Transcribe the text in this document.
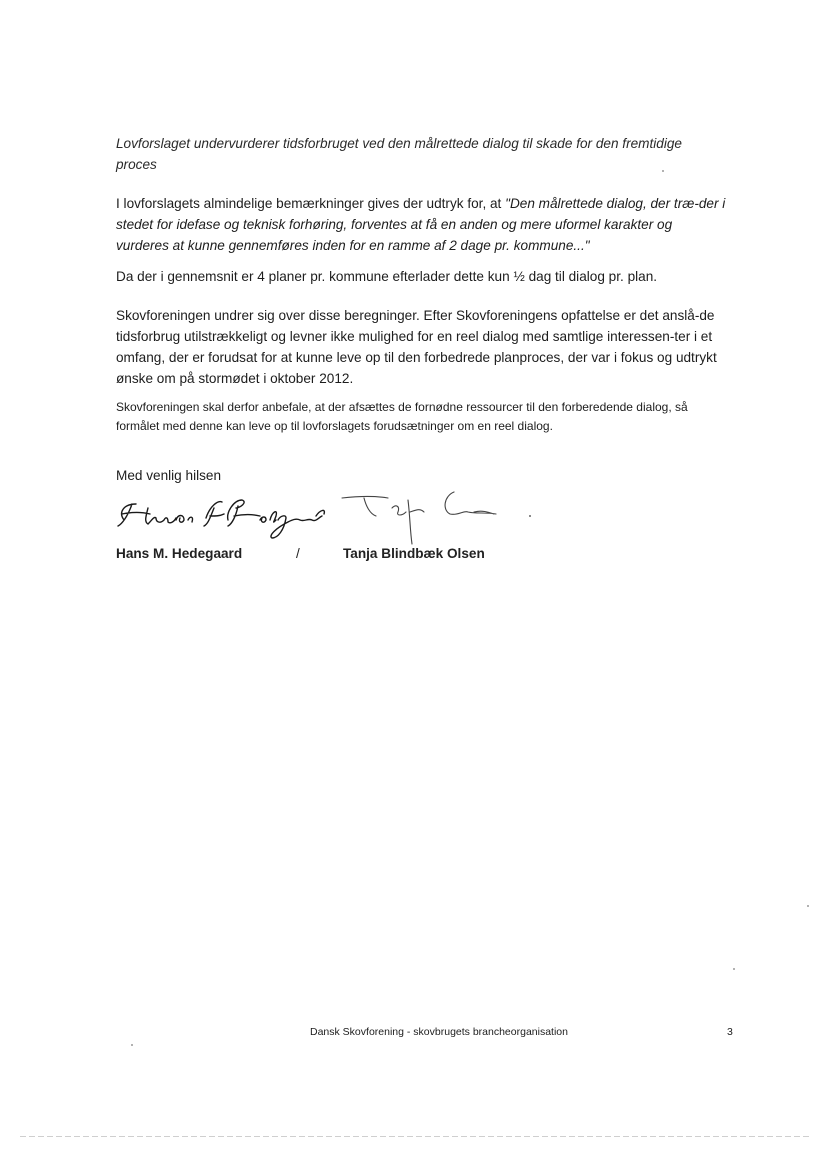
Lovforslaget undervurderer tidsforbruget ved den målrettede dialog til skade for den fremtidige proces
I lovforslagets almindelige bemærkninger gives der udtryk for, at "Den målrettede dialog, der træ-der i stedet for idefase og teknisk forhøring, forventes at få en anden og mere uformel karakter og vurderes at kunne gennemføres inden for en ramme af 2 dage pr. kommune..."
Da der i gennemsnit er 4 planer pr. kommune efterlader dette kun ½ dag til dialog pr. plan.
Skovforeningen undrer sig over disse beregninger. Efter Skovforeningens opfattelse er det anslå-de tidsforbrug utilstrækkeligt og levner ikke mulighed for en reel dialog med samtlige interessen-ter i et omfang, der er forudsat for at kunne leve op til den forbedrede planproces, der var i fokus og udtrykt ønske om på stormødet i oktober 2012.
Skovforeningen skal derfor anbefale, at der afsættes de fornødne ressourcer til den forberedende dialog, så formålet med denne kan leve op til lovforslagets forudsætninger om en reel dialog.
Med venlig hilsen
Hans M. Hedegaard	/	Tanja Blindbæk Olsen
Dansk Skovforening - skovbrugets brancheorganisation	3
